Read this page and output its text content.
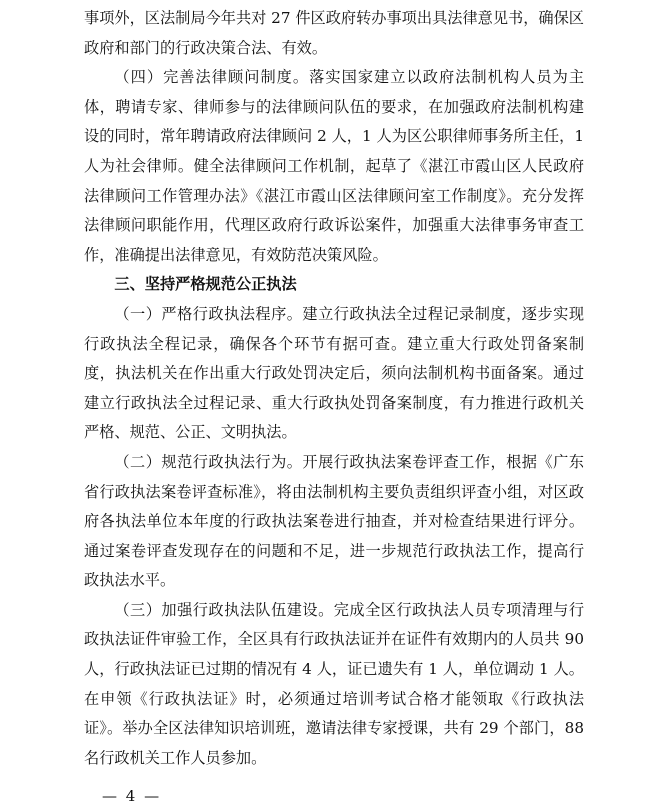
事项外，区法制局今年共对 27 件区政府转办事项出具法律意见书，确保区政府和部门的行政决策合法、有效。

（四）完善法律顾问制度。落实国家建立以政府法制机构人员为主体，聘请专家、律师参与的法律顾问队伍的要求，在加强政府法制机构建设的同时，常年聘请政府法律顾问 2 人，1 人为区公职律师事务所主任，1 人为社会律师。健全法律顾问工作机制，起草了《湛江市霞山区人民政府法律顾问工作管理办法》《湛江市霞山区法律顾问室工作制度》。充分发挥法律顾问职能作用，代理区政府行政诉讼案件，加强重大法律事务审查工作，准确提出法律意见，有效防范决策风险。

三、坚持严格规范公正执法

（一）严格行政执法程序。建立行政执法全过程记录制度，逐步实现行政执法全程记录，确保各个环节有据可查。建立重大行政处罚备案制度，执法机关在作出重大行政处罚决定后，须向法制机构书面备案。通过建立行政执法全过程记录、重大行政执处罚备案制度，有力推进行政机关严格、规范、公正、文明执法。

（二）规范行政执法行为。开展行政执法案卷评查工作，根据《广东省行政执法案卷评查标准》，将由法制机构主要负责组织评查小组，对区政府各执法单位本年度的行政执法案卷进行抽查，并对检查结果进行评分。通过案卷评查发现存在的问题和不足，进一步规范行政执法工作，提高行政执法水平。

（三）加强行政执法队伍建设。完成全区行政执法人员专项清理与行政执法证件审验工作，全区具有行政执法证并在证件有效期内的人员共 90 人，行政执法证已过期的情况有 4 人，证已遗失有 1 人，单位调动 1 人。在申领《行政执法证》时，必须通过培训考试合格才能领取《行政执法证》。举办全区法律知识培训班，邀请法律专家授课，共有 29 个部门，88 名行政机关工作人员参加。

— 4 —
